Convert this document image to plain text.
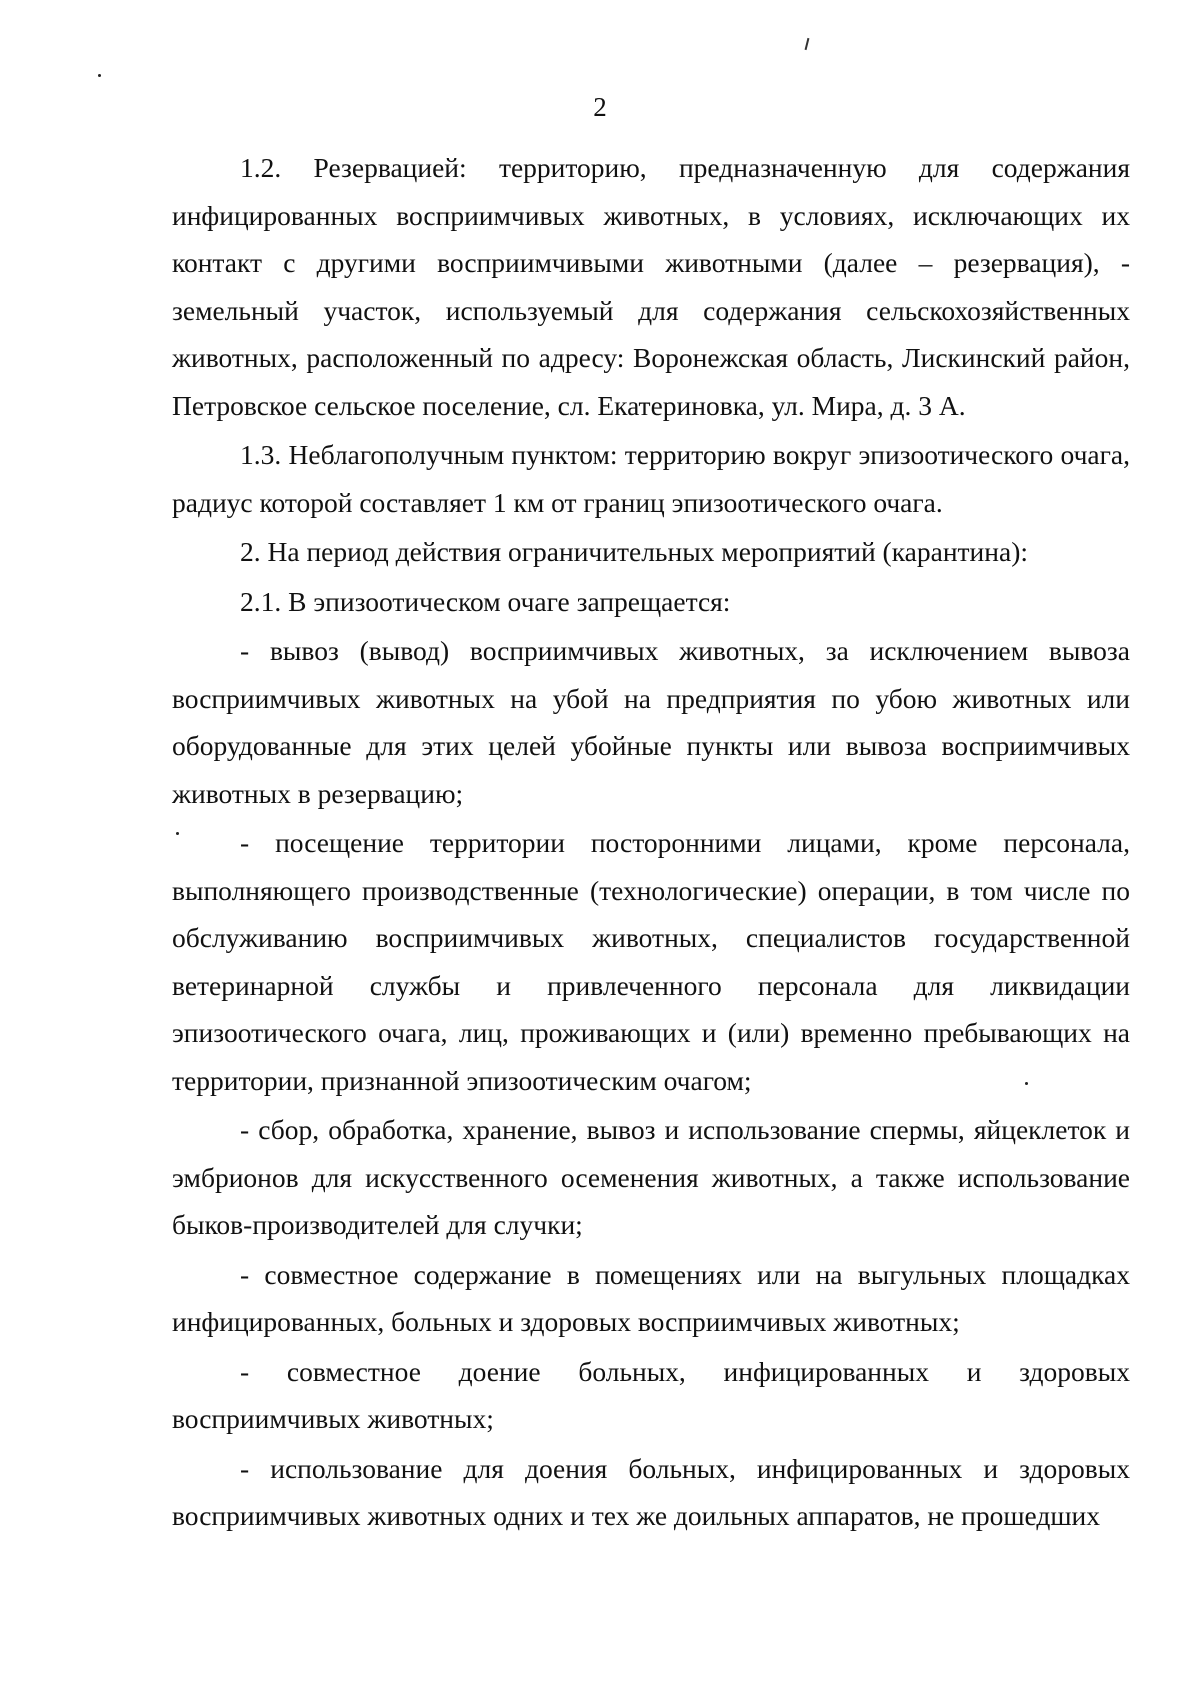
2

1.2. Резервацией: территорию, предназначенную для содержания инфицированных восприимчивых животных, в условиях, исключающих их контакт с другими восприимчивыми животными (далее – резервация), - земельный участок, используемый для содержания сельскохозяйственных животных, расположенный по адресу: Воронежская область, Лискинский район, Петровское сельское поселение, сл. Екатериновка, ул. Мира, д. 3 А.

1.3. Неблагополучным пунктом: территорию вокруг эпизоотического очага, радиус которой составляет 1 км от границ эпизоотического очага.

2. На период действия ограничительных мероприятий (карантина):

2.1. В эпизоотическом очаге запрещается:

- вывоз (вывод) восприимчивых животных, за исключением вывоза восприимчивых животных на убой на предприятия по убою животных или оборудованные для этих целей убойные пункты или вывоза восприимчивых животных в резервацию;

- посещение территории посторонними лицами, кроме персонала, выполняющего производственные (технологические) операции, в том числе по обслуживанию восприимчивых животных, специалистов государственной ветеринарной службы и привлеченного персонала для ликвидации эпизоотического очага, лиц, проживающих и (или) временно пребывающих на территории, признанной эпизоотическим очагом;

- сбор, обработка, хранение, вывоз и использование спермы, яйцеклеток и эмбрионов для искусственного осеменения животных, а также использование быков-производителей для случки;

- совместное содержание в помещениях или на выгульных площадках инфицированных, больных и здоровых восприимчивых животных;

- совместное доение больных, инфицированных и здоровых восприимчивых животных;

- использование для доения больных, инфицированных и здоровых восприимчивых животных одних и тех же доильных аппаратов, не прошедших
